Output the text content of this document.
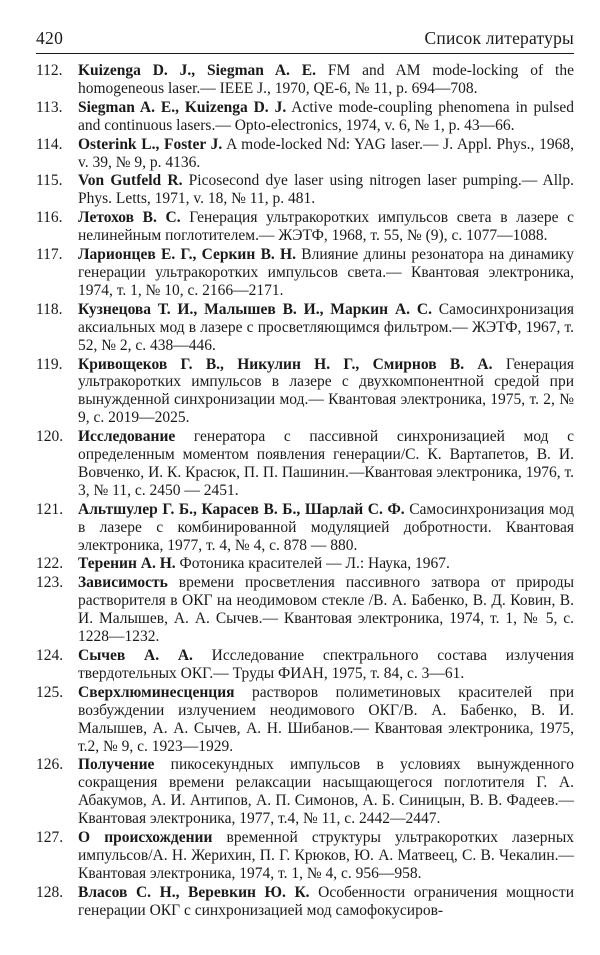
420	Список литературы
112. Kuizenga D. J., Siegman A. E. FM and AM mode-locking of the homogeneous laser.— IEEE J., 1970, QE-6, № 11, p. 694—708.
113. Siegman A. E., Kuizenga D. J. Active mode-coupling phenomena in pulsed and continuous lasers.— Opto-electronics, 1974, v. 6, № 1, p. 43—66.
114. Osterink L., Foster J. A mode-locked Nd: YAG laser.— J. Appl. Phys., 1968, v. 39, № 9, p. 4136.
115. Von Gutfeld R. Picosecond dye laser using nitrogen laser pumping.— Allp. Phys. Letts, 1971, v. 18, № 11, p. 481.
116. Летохов В. С. Генерация ультракоротких импульсов света в лазере с нелинейным поглотителем.— ЖЭТФ, 1968, т. 55, № (9), с. 1077—1088.
117. Ларионцев Е. Г., Серкин В. Н. Влияние длины резонатора на динамику генерации ультракоротких импульсов света.— Квантовая электроника, 1974, т. 1, № 10, с. 2166—2171.
118. Кузнецова Т. И., Малышев В. И., Маркин А. С. Самосинхронизация аксиальных мод в лазере с просветляющимся фильтром.— ЖЭТФ, 1967, т. 52, № 2, с. 438—446.
119. Кривощеков Г. В., Никулин Н. Г., Смирнов В. А. Генерация ультракоротких импульсов в лазере с двухкомпонентной средой при вынужденной синхронизации мод.— Квантовая электроника, 1975, т. 2, № 9, с. 2019—2025.
120. Исследование генератора с пассивной синхронизацией мод с определенным моментом появления генерации/С. К. Вартапетов, В. И. Вовченко, И. К. Красюк, П. П. Пашинин.—Квантовая электроника, 1976, т. 3, № 11, с. 2450 — 2451.
121. Альтшулер Г. Б., Карасев В. Б., Шарлай С. Ф. Самосинхронизация мод в лазере с комбинированной модуляцией добротности. Квантовая электроника, 1977, т. 4, № 4, с. 878 — 880.
122. Теренин А. Н. Фотоника красителей — Л.: Наука, 1967.
123. Зависимость времени просветления пассивного затвора от природы растворителя в ОКГ на неодимовом стекле /В. А. Бабенко, В. Д. Ковин, В. И. Малышев, А. А. Сычев.— Квантовая электроника, 1974, т. 1, № 5, с. 1228—1232.
124. Сычев А. А. Исследование спектрального состава излучения твердотельных ОКГ.— Труды ФИАН, 1975, т. 84, с. 3—61.
125. Сверхлюминесценция растворов полиметиновых красителей при возбуждении излучением неодимового ОКГ/В. А. Бабенко, В. И. Малышев, А. А. Сычев, А. Н. Шибанов.— Квантовая электроника, 1975, т.2, № 9, с. 1923—1929.
126. Получение пикосекундных импульсов в условиях вынужденного сокращения времени релаксации насыщающегося поглотителя Г. А. Абакумов, А. И. Антипов, А. П. Симонов, А. Б. Синицын, В. В. Фадеев.— Квантовая электроника, 1977, т.4, № 11, с. 2442—2447.
127. О происхождении временной структуры ультракоротких лазерных импульсов/А. Н. Жерихин, П. Г. Крюков, Ю. А. Матвеец, С. В. Чекалин.— Квантовая электроника, 1974, т. 1, № 4, с. 956—958.
128. Власов С. Н., Веревкин Ю. К. Особенности ограничения мощности генерации ОКГ с синхронизацией мод самофокусиров-
